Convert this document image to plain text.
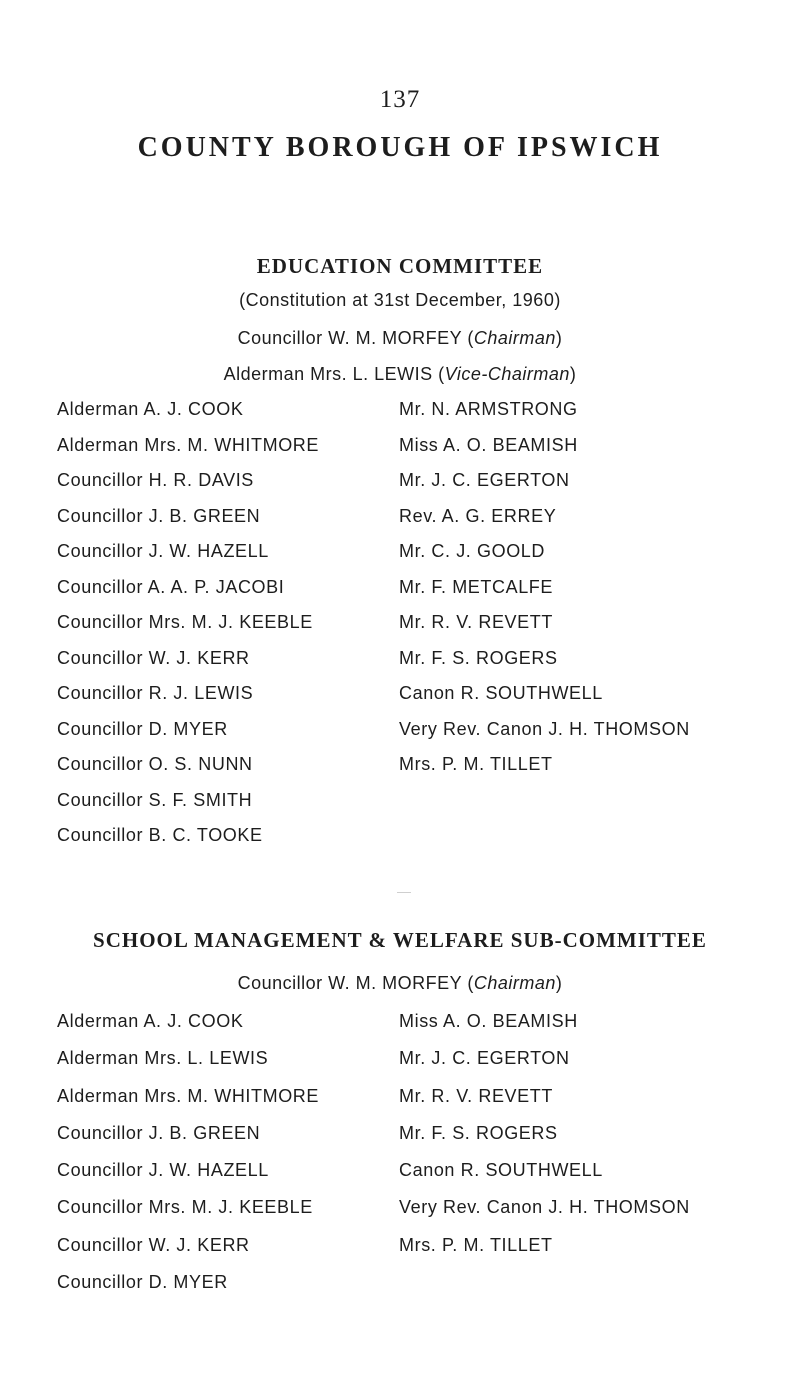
137
COUNTY BOROUGH OF IPSWICH
EDUCATION COMMITTEE
(Constitution at 31st December, 1960)
Councillor W. M. MORFEY (Chairman)
Alderman Mrs. L. LEWIS (Vice-Chairman)
Alderman A. J. COOK
Alderman Mrs. M. WHITMORE
Councillor H. R. DAVIS
Councillor J. B. GREEN
Councillor J. W. HAZELL
Councillor A. A. P. JACOBI
Councillor Mrs. M. J. KEEBLE
Councillor W. J. KERR
Councillor R. J. LEWIS
Councillor D. MYER
Councillor O. S. NUNN
Councillor S. F. SMITH
Councillor B. C. TOOKE
Mr. N. ARMSTRONG
Miss A. O. BEAMISH
Mr. J. C. EGERTON
Rev. A. G. ERREY
Mr. C. J. GOOLD
Mr. F. METCALFE
Mr. R. V. REVETT
Mr. F. S. ROGERS
Canon R. SOUTHWELL
Very Rev. Canon J. H. THOMSON
Mrs. P. M. TILLET
SCHOOL MANAGEMENT & WELFARE SUB-COMMITTEE
Councillor W. M. MORFEY (Chairman)
Alderman A. J. COOK
Alderman Mrs. L. LEWIS
Alderman Mrs. M. WHITMORE
Councillor J. B. GREEN
Councillor J. W. HAZELL
Councillor Mrs. M. J. KEEBLE
Councillor W. J. KERR
Councillor D. MYER
Miss A. O. BEAMISH
Mr. J. C. EGERTON
Mr. R. V. REVETT
Mr. F. S. ROGERS
Canon R. SOUTHWELL
Very Rev. Canon J. H. THOMSON
Mrs. P. M. TILLET
